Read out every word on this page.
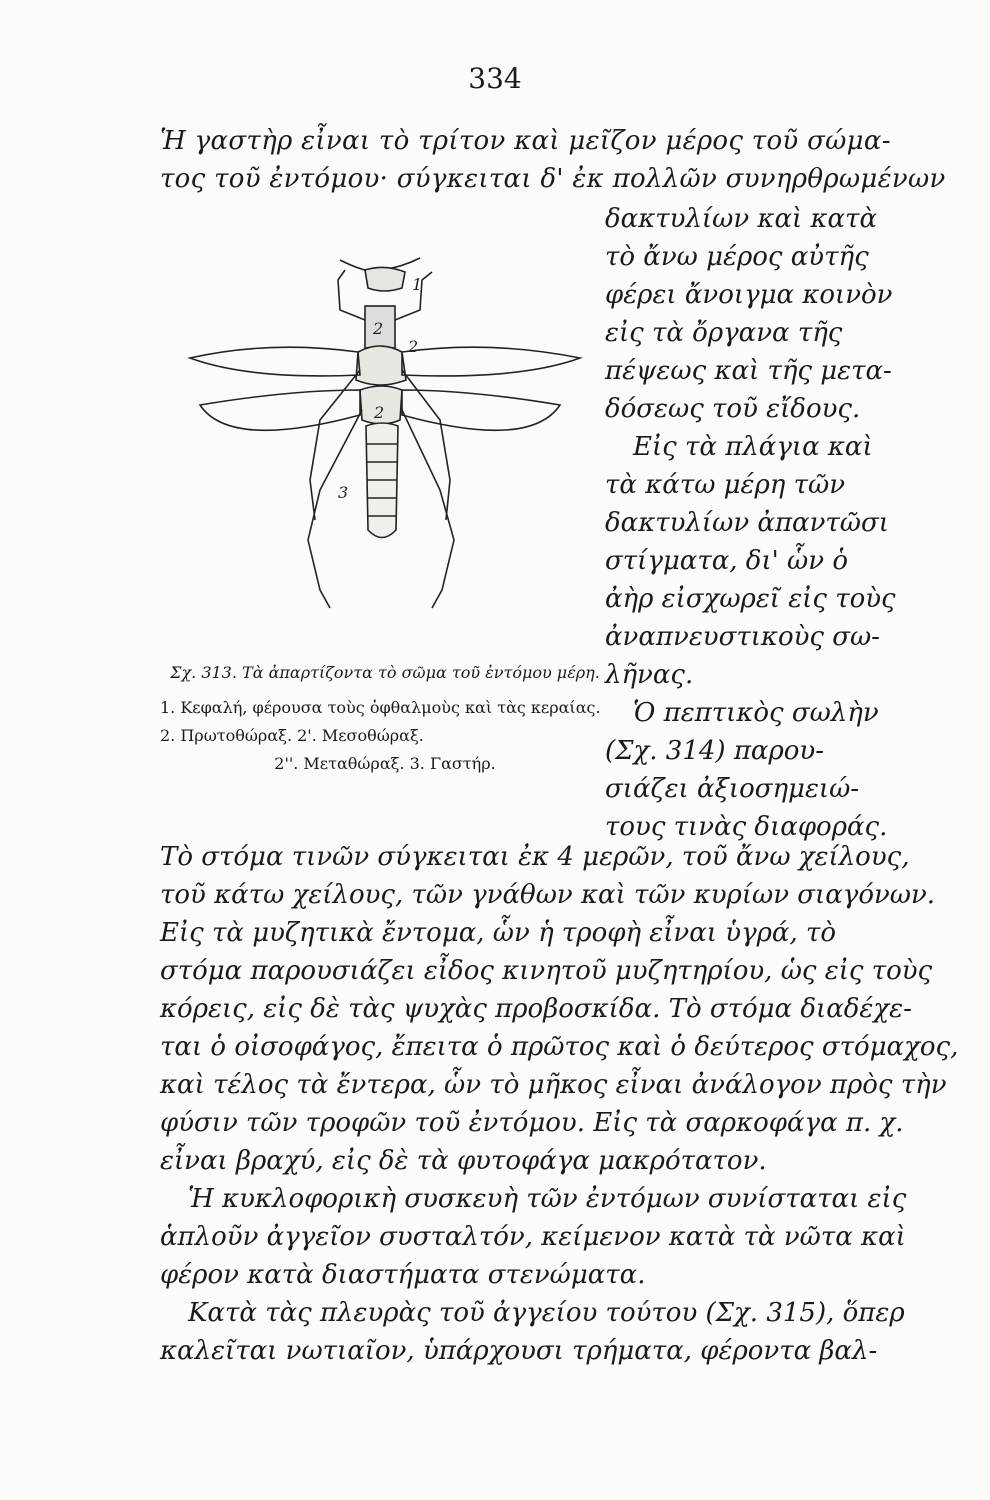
334
Ἡ γαστὴρ εἶναι τὸ τρίτον καὶ μεῖζον μέρος τοῦ σώμα-
τος τοῦ ἐντόμου· σύγκειται δ' ἐκ πολλῶν συνηρθρωμένων
δακτυλίων καὶ κατὰ
τὸ ἄνω μέρος αὐτῆς
φέρει ἄνοιγμα κοινὸν
εἰς τὰ ὄργανα τῆς
πέψεως καὶ τῆς μετα-
δόσεως τοῦ εἴδους.
Εἰς τὰ πλάγια καὶ
τὰ κάτω μέρη τῶν
δακτυλίων ἀπαντῶσι
στίγματα, δι' ὧν ὁ
ἀὴρ εἰσχωρεῖ εἰς τοὺς
ἀναπνευστικοὺς σω-
λῆνας.
Ὁ πεπτικὸς σωλὴν
(Σχ. 314) παρου-
σιάζει ἀξιοσημειώ-
τους τινὰς διαφοράς.
1
2
2
2
3
Σχ. 313. Τὰ ἀπαρτίζοντα τὸ σῶμα τοῦ ἐντόμου μέρη.
1. Κεφαλή, φέρουσα τοὺς ὀφθαλμοὺς καὶ τὰς κεραίας. 2. Πρωτοθώραξ. 2'. Μεσοθώραξ.
2''. Μεταθώραξ. 3. Γαστήρ.
Τὸ στόμα τινῶν σύγκειται ἐκ 4 μερῶν, τοῦ ἄνω χείλους,
τοῦ κάτω χείλους, τῶν γνάθων καὶ τῶν κυρίων σιαγόνων.
Εἰς τὰ μυζητικὰ ἔντομα, ὧν ἡ τροφὴ εἶναι ὑγρά, τὸ
στόμα παρουσιάζει εἶδος κινητοῦ μυζητηρίου, ὡς εἰς τοὺς
κόρεις, εἰς δὲ τὰς ψυχὰς προβοσκίδα. Τὸ στόμα διαδέχε-
ται ὁ οἰσοφάγος, ἔπειτα ὁ πρῶτος καὶ ὁ δεύτερος στόμαχος,
καὶ τέλος τὰ ἔντερα, ὧν τὸ μῆκος εἶναι ἀνάλογον πρὸς τὴν
φύσιν τῶν τροφῶν τοῦ ἐντόμου. Εἰς τὰ σαρκοφάγα π. χ.
εἶναι βραχύ, εἰς δὲ τὰ φυτοφάγα μακρότατον.
Ἡ κυκλοφορικὴ συσκευὴ τῶν ἐντόμων συνίσταται εἰς
ἁπλοῦν ἀγγεῖον συσταλτόν, κείμενον κατὰ τὰ νῶτα καὶ
φέρον κατὰ διαστήματα στενώματα.
Κατὰ τὰς πλευρὰς τοῦ ἀγγείου τούτου (Σχ. 315), ὅπερ
καλεῖται νωτιαῖον, ὑπάρχουσι τρήματα, φέροντα βαλ-
